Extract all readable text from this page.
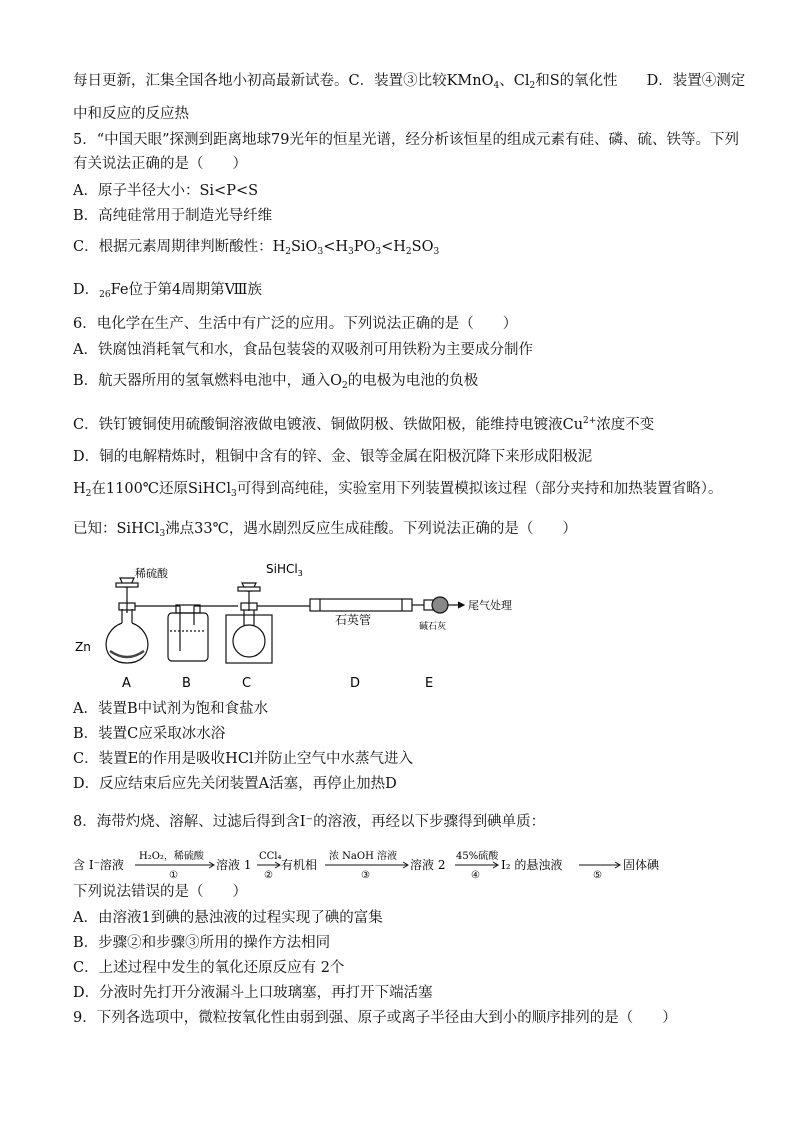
每日更新，汇集全国各地小初高最新试卷。C．装置③比较KMnO$_4$、$Cl_2$和S的氧化性　　D．装置④测定
中和反应的反应热
5．“中国天眼”探测到距离地球79光年的恒星光谱，经分析该恒星的组成元素有硅、磷、硫、铁等。下列
有关说法正确的是（　　）
A．原子半径大小：Si<P<S
B．高纯硅常用于制造光导纤维
C．根据元素周期律判断酸性：$H_2SiO_3<H_3PO_3<H_2SO_3$
D．$_{26}$Fe位于第4周期第Ⅷ族
6．电化学在生产、生活中有广泛的应用。下列说法正确的是（　　）
A．铁腐蚀消耗氧气和水，食品包装袋的双吸剂可用铁粉为主要成分制作
B．航天器所用的氢氧燃料电池中，通入$O_2$的电极为电池的负极
C．铁钉镀铜使用硫酸铜溶液做电镀液、铜做阴极、铁做阳极，能维持电镀液$Cu^{2+}$浓度不变
D．铜的电解精炼时，粗铜中含有的锌、金、银等金属在阳极沉降下来形成阳极泥
$H_2$在1100℃还原SiHCl$_3$可得到高纯硅，实验室用下列装置模拟该过程（部分夹持和加热装置省略）。
已知：SiHCl$_3$沸点33℃，遇水剧烈反应生成硅酸。下列说法正确的是（　　）
稀硫酸	SiHCl$_3$
Zn
石英管
尾气处理
碱石灰
A	B	C	D	E
A．装置B中试剂为饱和食盐水
B．装置C应采取冰水浴
C．装置E的作用是吸收HCl并防止空气中水蒸气进入
D．反应结束后应先关闭装置A活塞，再停止加热D
8．海带灼烧、溶解、过滤后得到含I⁻的溶液，再经以下步骤得到碘单质：
含 I⁻溶液
H₂O₂，稀硫酸
①
溶液 1
CCl₄
②
有机相
浓 NaOH 溶液
③
溶液 2
45%硫酸
④
I₂ 的悬浊液
⑤
固体碘
下列说法错误的是（　　）
A．由溶液1到碘的悬浊液的过程实现了碘的富集
B．步骤②和步骤③所用的操作方法相同
C．上述过程中发生的氧化还原反应有 2个
D．分液时先打开分液漏斗上口玻璃塞，再打开下端活塞
9．下列各选项中，微粒按氧化性由弱到强、原子或离子半径由大到小的顺序排列的是（　　）
